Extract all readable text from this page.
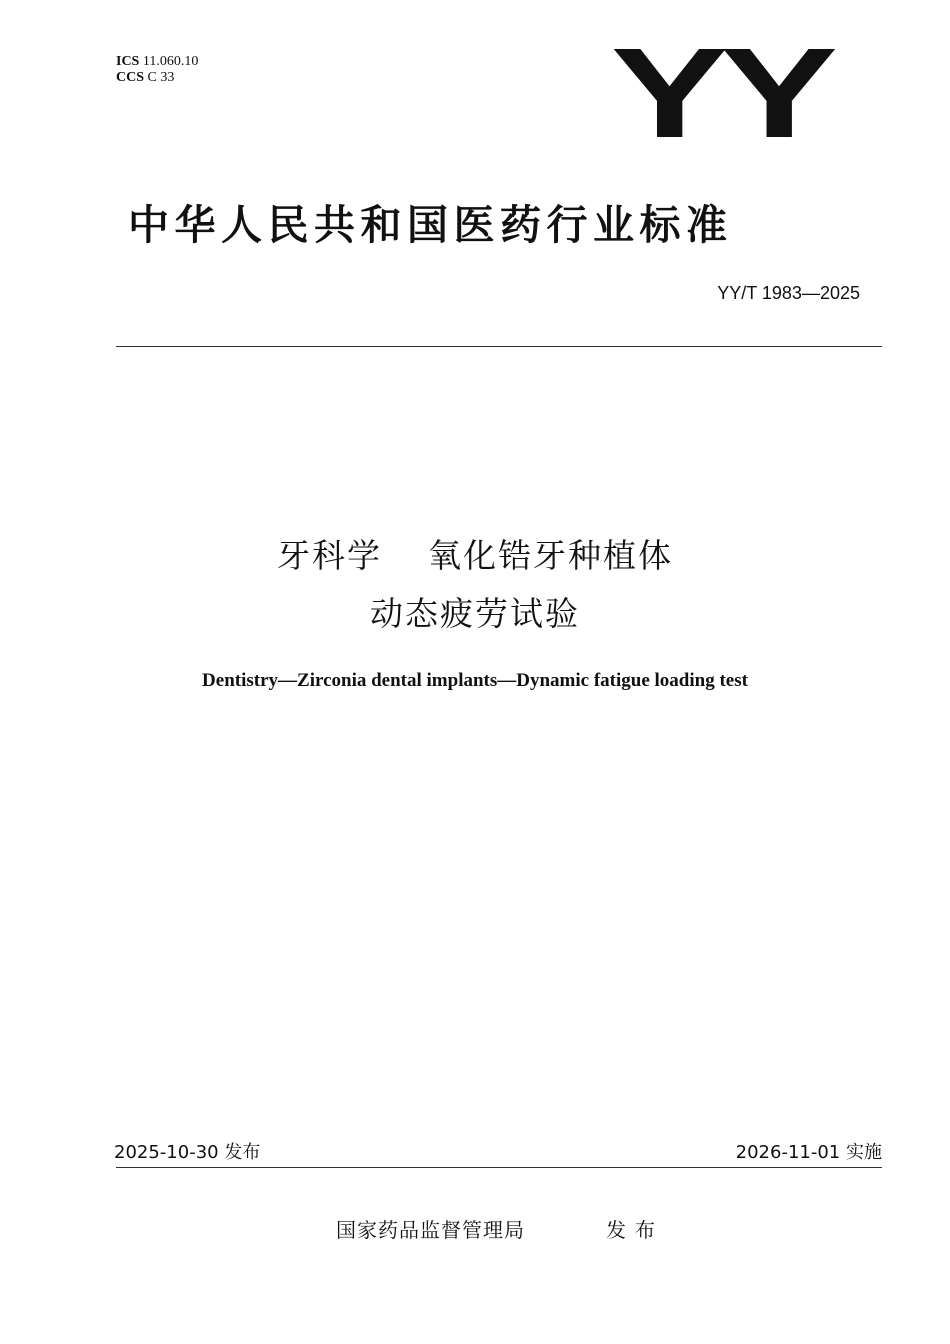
ICS 11.060.10
CCS C 33	YY
中华人民共和国医药行业标准
YY/T 1983—2025
牙科学 氧化锆牙种植体
动态疲劳试验
Dentistry—Zirconia dental implants—Dynamic fatigue loading test
2025-10-30 发布	2026-11-01 实施
国家药品监督管理局	发布
